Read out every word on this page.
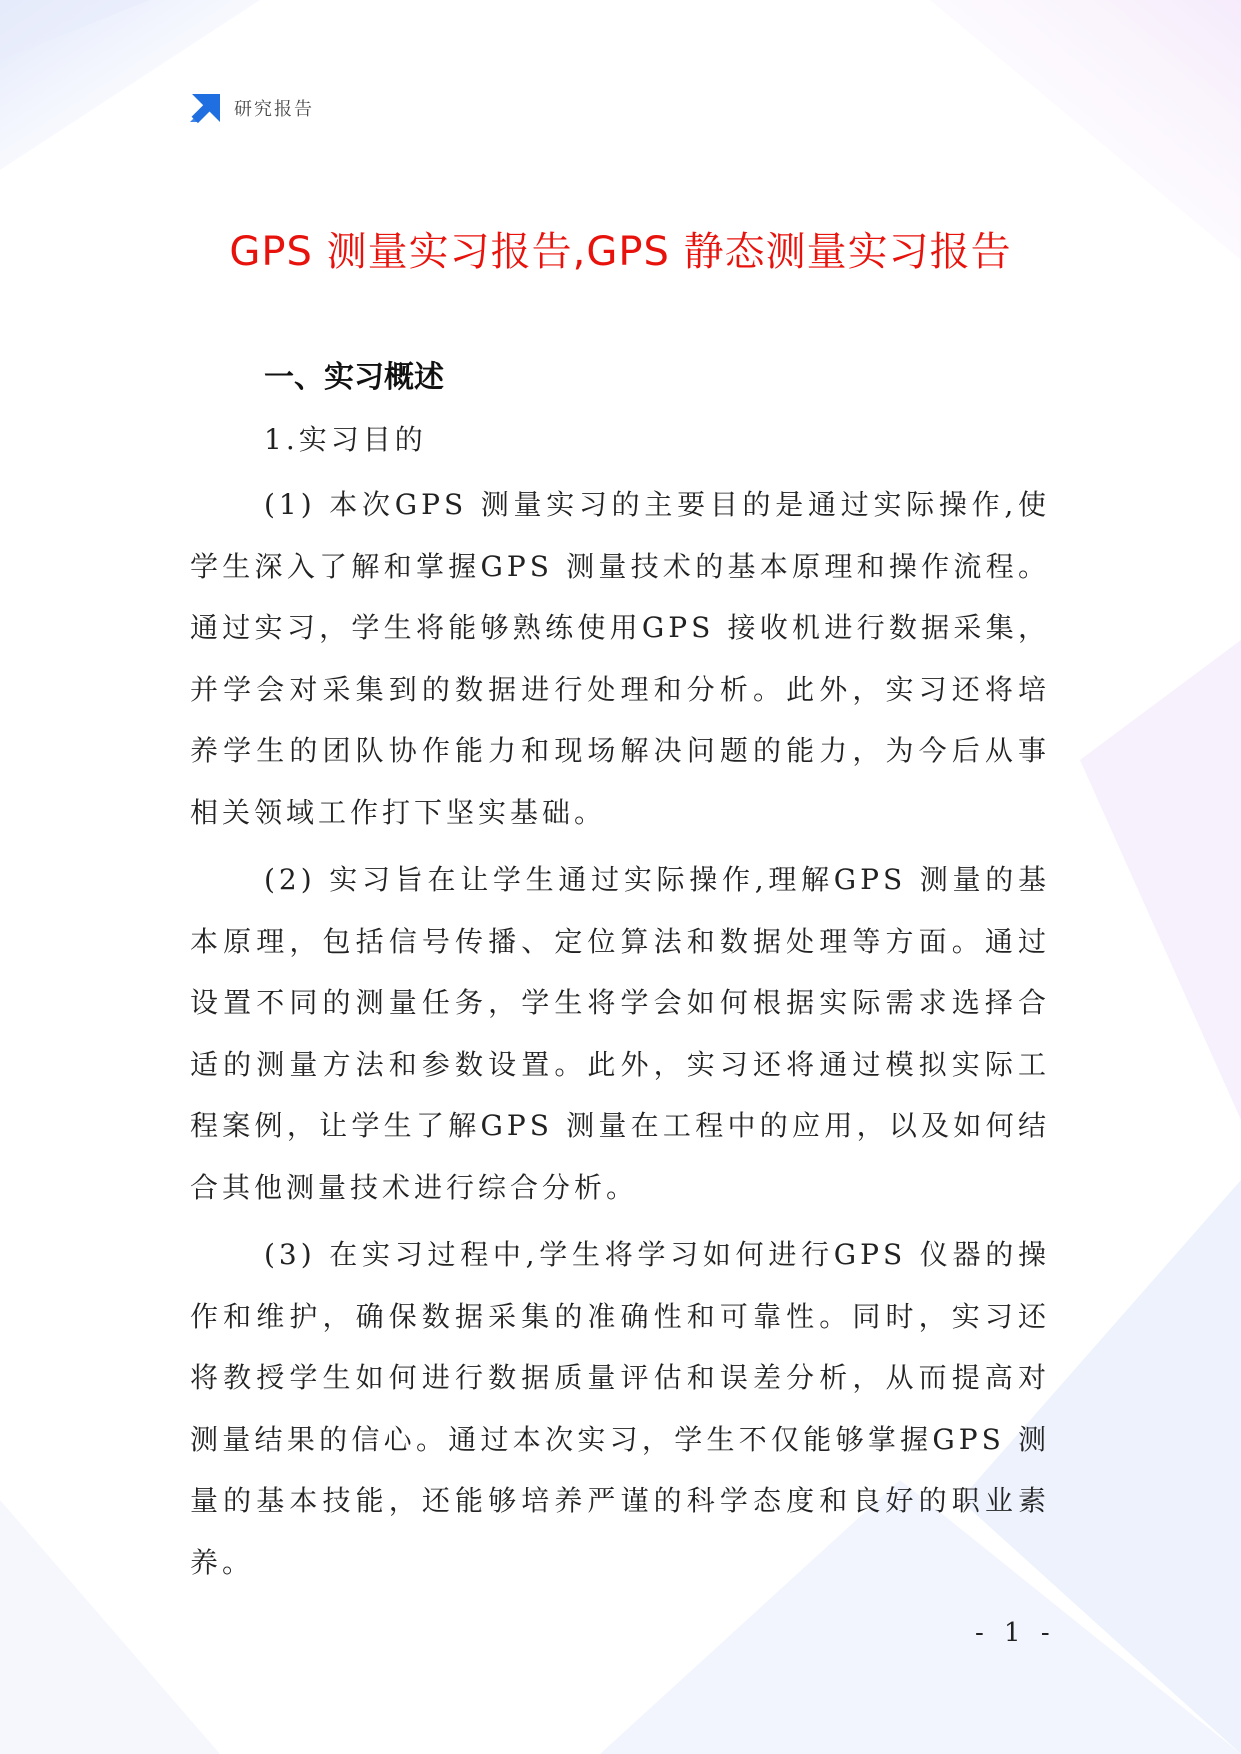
研究报告
GPS 测量实习报告,GPS 静态测量实习报告
一、实习概述
1.实习目的

(1) 本次GPS 测量实习的主要目的是通过实际操作,使学生深入了解和掌握GPS 测量技术的基本原理和操作流程。通过实习，学生将能够熟练使用GPS 接收机进行数据采集，并学会对采集到的数据进行处理和分析。此外，实习还将培养学生的团队协作能力和现场解决问题的能力，为今后从事相关领域工作打下坚实基础。

(2) 实习旨在让学生通过实际操作,理解GPS 测量的基本原理，包括信号传播、定位算法和数据处理等方面。通过设置不同的测量任务，学生将学会如何根据实际需求选择合适的测量方法和参数设置。此外，实习还将通过模拟实际工程案例，让学生了解GPS 测量在工程中的应用，以及如何结合其他测量技术进行综合分析。

(3) 在实习过程中,学生将学习如何进行GPS 仪器的操作和维护，确保数据采集的准确性和可靠性。同时，实习还将教授学生如何进行数据质量评估和误差分析，从而提高对测量结果的信心。通过本次实习，学生不仅能够掌握GPS 测量的基本技能，还能够培养严谨的科学态度和良好的职业素养。

- 1 -
